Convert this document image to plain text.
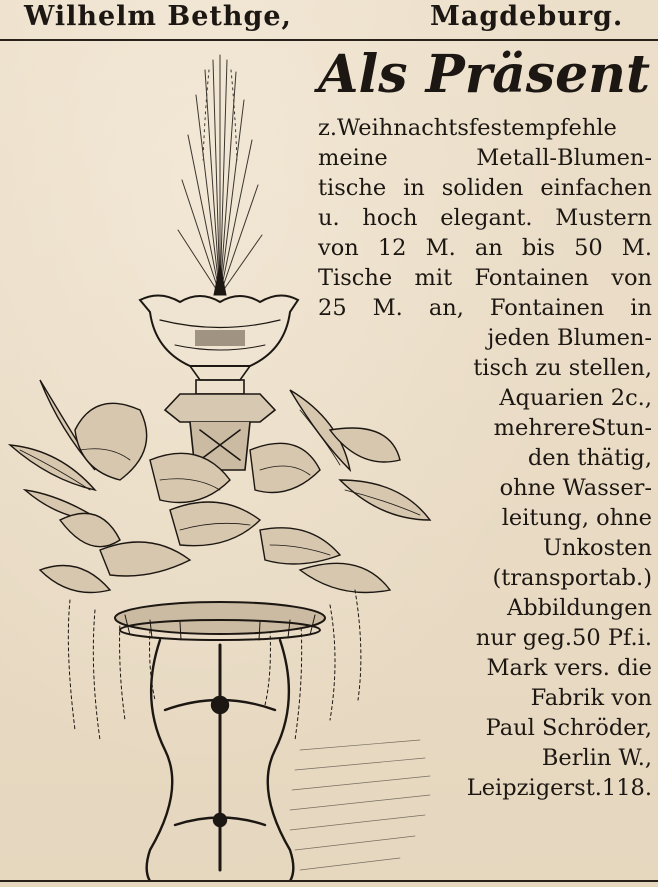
Wilhelm Bethge,	Magdeburg.
Als Präsent
z.Weihnachtsfestempfehle
meine Metall-Blumen-
tische in soliden einfachen
u. hoch elegant. Mustern
von 12 M. an bis 50 M.
Tische mit Fontainen von
25 M. an, Fontainen in
jeden Blumen-
tisch zu stellen,
Aquarien 2c.,
mehrereStun-
den thätig,
ohne Wasser-
leitung, ohne
Unkosten
(transportab.)
Abbildungen
nur geg.50 Pf.i.
Mark vers. die
Fabrik von
Paul Schröder,
Berlin W.,
Leipzigerst.118.
